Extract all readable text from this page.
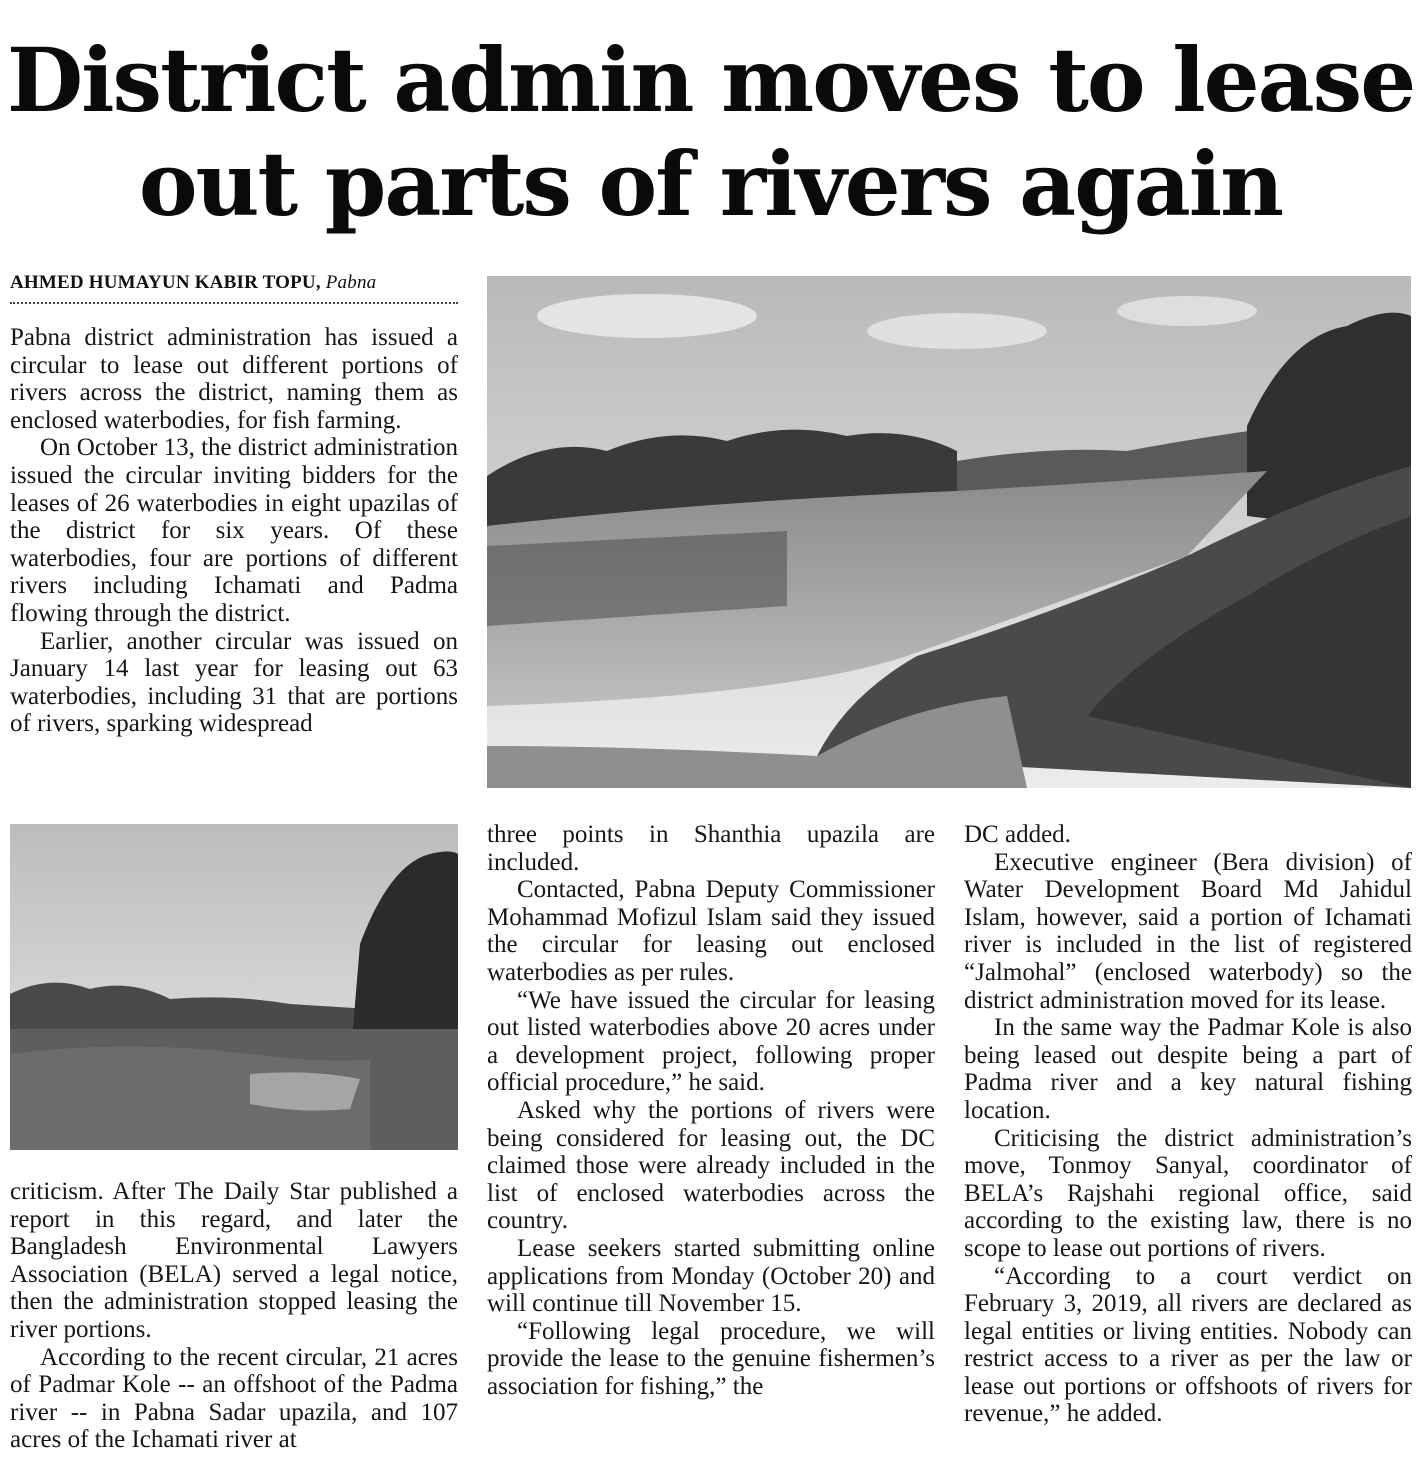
District admin moves to lease
out parts of rivers again
AHMED HUMAYUN KABIR TOPU, Pabna

Pabna district administration has issued a circular to lease out different portions of rivers across the district, naming them as enclosed waterbodies, for fish farming.

On October 13, the district administration issued the circular inviting bidders for the leases of 26 waterbodies in eight upazilas of the district for six years. Of these waterbodies, four are portions of different rivers including Ichamati and Padma flowing through the district.

Earlier, another circular was issued on January 14 last year for leasing out 63 waterbodies, including 31 that are portions of rivers, sparking widespread

criticism. After The Daily Star published a report in this regard, and later the Bangladesh Environmental Lawyers Association (BELA) served a legal notice, then the administration stopped leasing the river portions.

According to the recent circular, 21 acres of Padmar Kole -- an offshoot of the Padma river -- in Pabna Sadar upazila, and 107 acres of the Ichamati river at

three points in Shanthia upazila are included.

Contacted, Pabna Deputy Commissioner Mohammad Mofizul Islam said they issued the circular for leasing out enclosed waterbodies as per rules.

“We have issued the circular for leasing out listed waterbodies above 20 acres under a development project, following proper official procedure,” he said.

Asked why the portions of rivers were being considered for leasing out, the DC claimed those were already included in the list of enclosed waterbodies across the country.

Lease seekers started submitting online applications from Monday (October 20) and will continue till November 15.

“Following legal procedure, we will provide the lease to the genuine fishermen’s association for fishing,” the

DC added.

Executive engineer (Bera division) of Water Development Board Md Jahidul Islam, however, said a portion of Ichamati river is included in the list of registered “Jalmohal” (enclosed waterbody) so the district administration moved for its lease.

In the same way the Padmar Kole is also being leased out despite being a part of Padma river and a key natural fishing location.

Criticising the district administration’s move, Tonmoy Sanyal, coordinator of BELA’s Rajshahi regional office, said according to the existing law, there is no scope to lease out portions of rivers.

“According to a court verdict on February 3, 2019, all rivers are declared as legal entities or living entities. Nobody can restrict access to a river as per the law or lease out portions or offshoots of rivers for revenue,” he added.
